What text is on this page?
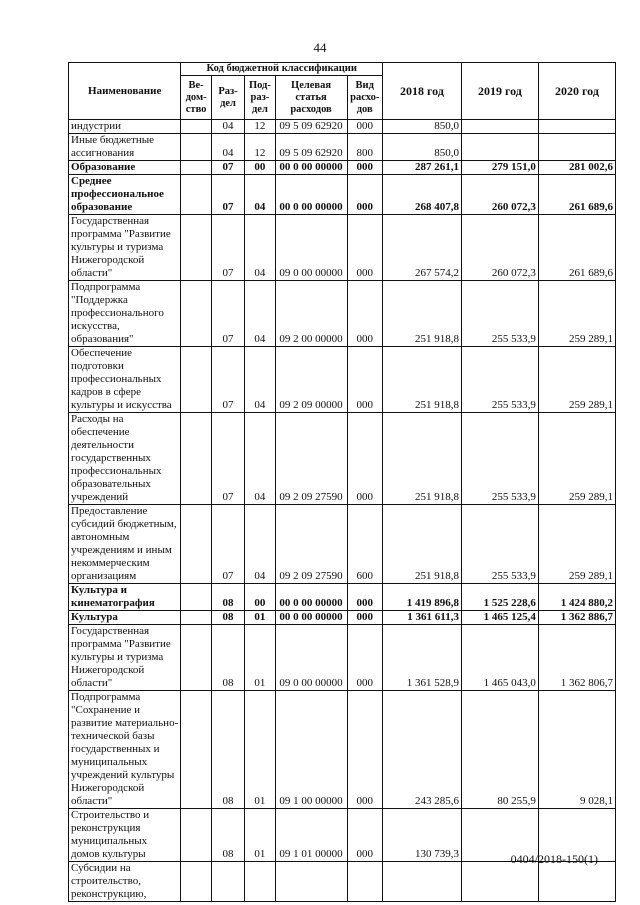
44
Наименование	Код бюджетной классификации					2018 год	2019 год	2020 год
	Ве-дом-ство	Раз-дел	Под-раз-дел	Целевая статья расходов	Вид расхо-дов			
индустрии		04	12	09 5 09 62920	000	850,0		
Иные бюджетные ассигнования		04	12	09 5 09 62920	800	850,0		
Образование		07	00	00 0 00 00000	000	287 261,1	279 151,0	281 002,6
Среднее профессиональное образование		07	04	00 0 00 00000	000	268 407,8	260 072,3	261 689,6
Государственная программа "Развитие культуры и туризма Нижегородской области"		07	04	09 0 00 00000	000	267 574,2	260 072,3	261 689,6
Подпрограмма "Поддержка профессионального искусства, образования"		07	04	09 2 00 00000	000	251 918,8	255 533,9	259 289,1
Обеспечение подготовки профессиональных кадров в сфере культуры и искусства		07	04	09 2 09 00000	000	251 918,8	255 533,9	259 289,1
Расходы на обеспечение деятельности государственных профессиональных образовательных учреждений		07	04	09 2 09 27590	000	251 918,8	255 533,9	259 289,1
Предоставление субсидий бюджетным, автономным учреждениям и иным некоммерческим организациям		07	04	09 2 09 27590	600	251 918,8	255 533,9	259 289,1
Культура и кинематография		08	00	00 0 00 00000	000	1 419 896,8	1 525 228,6	1 424 880,2
Культура		08	01	00 0 00 00000	000	1 361 611,3	1 465 125,4	1 362 886,7
Государственная программа "Развитие культуры и туризма Нижегородской области"		08	01	09 0 00 00000	000	1 361 528,9	1 465 043,0	1 362 806,7
Подпрограмма "Сохранение и развитие материально-технической базы государственных и муниципальных учреждений культуры Нижегородской области"		08	01	09 1 00 00000	000	243 285,6	80 255,9	9 028,1
Строительство и реконструкция муниципальных домов культуры		08	01	09 1 01 00000	000	130 739,3		
Субсидии на строительство, реконструкцию,								
0404/2018-150(1)
